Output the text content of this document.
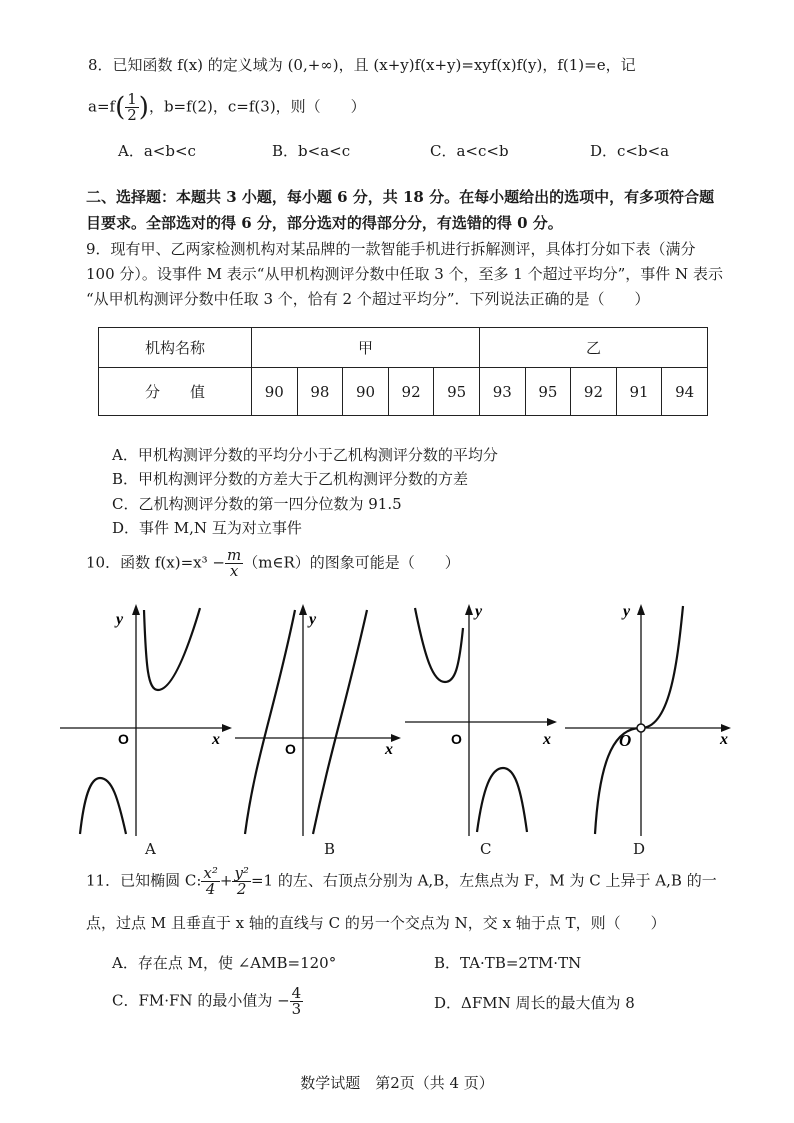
8．已知函数 f(x) 的定义域为 (0,+∞)，且 (x+y)f(x+y)=xyf(x)f(y)，f(1)=e，记
$a=f( \frac{1}{2}$ )，b=f(2)，c=f(3)，则（　　）
A．a<b<c	B．b<a<c	C．a<c<b	D．c<b<a
二、选择题：本题共 3 小题，每小题 6 分，共 18 分。在每小题给出的选项中，有多项符合题
目要求。全部选对的得 6 分，部分选对的得部分分，有选错的得 0 分。
9．现有甲、乙两家检测机构对某品牌的一款智能手机进行拆解测评，具体打分如下表（满分
100 分）。设事件 M 表示“从甲机构测评分数中任取 3 个，至多 1 个超过平均分”，事件 N 表示
“从甲机构测评分数中任取 3 个，恰有 2 个超过平均分”．下列说法正确的是（　　）
机构名称	甲					乙				
分　　值	90	98	90	92	95	93	95	92	91	94
A．甲机构测评分数的平均分小于乙机构测评分数的平均分
B．甲机构测评分数的方差大于乙机构测评分数的方差
C．乙机构测评分数的第一四分位数为 91.5
D．事件 M,N 互为对立事件
10．函数 $f(x)=x^3 - \frac{m}{x}$ （m∈R）的图象可能是（　　）
y
x
O
y
x
O
y
x
O
y
x
O
A	B	C	D
11．已知椭圆 C: $\frac{\text{x²}}{4} + \frac{\text{y²}}{2} =1$ 的左、右顶点分别为 A,B，左焦点为 F，M 为 C 上异于 A,B 的一
点，过点 M 且垂直于 x 轴的直线与 C 的另一个交点为 N，交 x 轴于点 T，则（　　）
A．存在点 M，使 ∠AMB=120°	B．TA·TB=2TM·TN
C．FM·FN 的最小值为 − $\frac{4}{3}$	D．ΔFMN 周长的最大值为 8
数学试题　第2页（共 4 页）
